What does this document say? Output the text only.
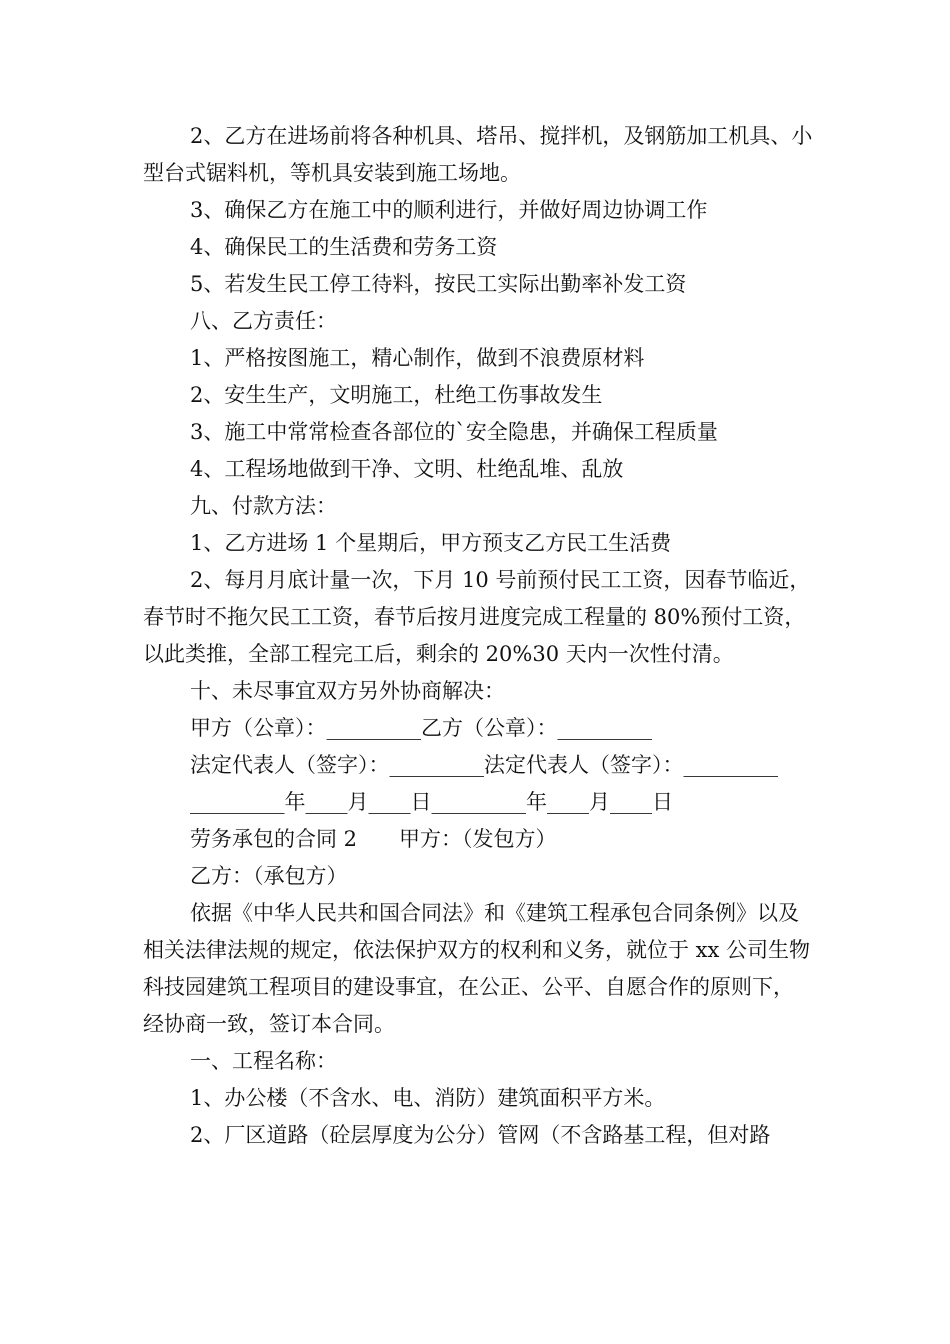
2、乙方在进场前将各种机具、塔吊、搅拌机，及钢筋加工机具、小型台式锯料机，等机具安装到施工场地。

3、确保乙方在施工中的顺利进行，并做好周边协调工作

4、确保民工的生活费和劳务工资

5、若发生民工停工待料，按民工实际出勤率补发工资

八、乙方责任：

1、严格按图施工，精心制作，做到不浪费原材料

2、安生生产，文明施工，杜绝工伤事故发生

3、施工中常常检查各部位的`安全隐患，并确保工程质量

4、工程场地做到干净、文明、杜绝乱堆、乱放

九、付款方法：

1、乙方进场 1 个星期后，甲方预支乙方民工生活费

2、每月月底计量一次，下月 10 号前预付民工工资，因春节临近，春节时不拖欠民工工资，春节后按月进度完成工程量的 80%预付工资，以此类推，全部工程完工后，剩余的 20%30 天内一次性付清。

十、未尽事宜双方另外协商解决：

甲方（公章）：_________乙方（公章）：_________

法定代表人（签字）：_________法定代表人（签字）：_________

_________年____月____日_________年____月____日

劳务承包的合同 2　　甲方：（发包方）

乙方：（承包方）

依据《中华人民共和国合同法》和《建筑工程承包合同条例》以及相关法律法规的规定，依法保护双方的权利和义务，就位于 xx 公司生物科技园建筑工程项目的建设事宜，在公正、公平、自愿合作的原则下，经协商一致，签订本合同。

一、工程名称：

1、办公楼（不含水、电、消防）建筑面积平方米。

2、厂区道路（砼层厚度为公分）管网（不含路基工程，但对路
